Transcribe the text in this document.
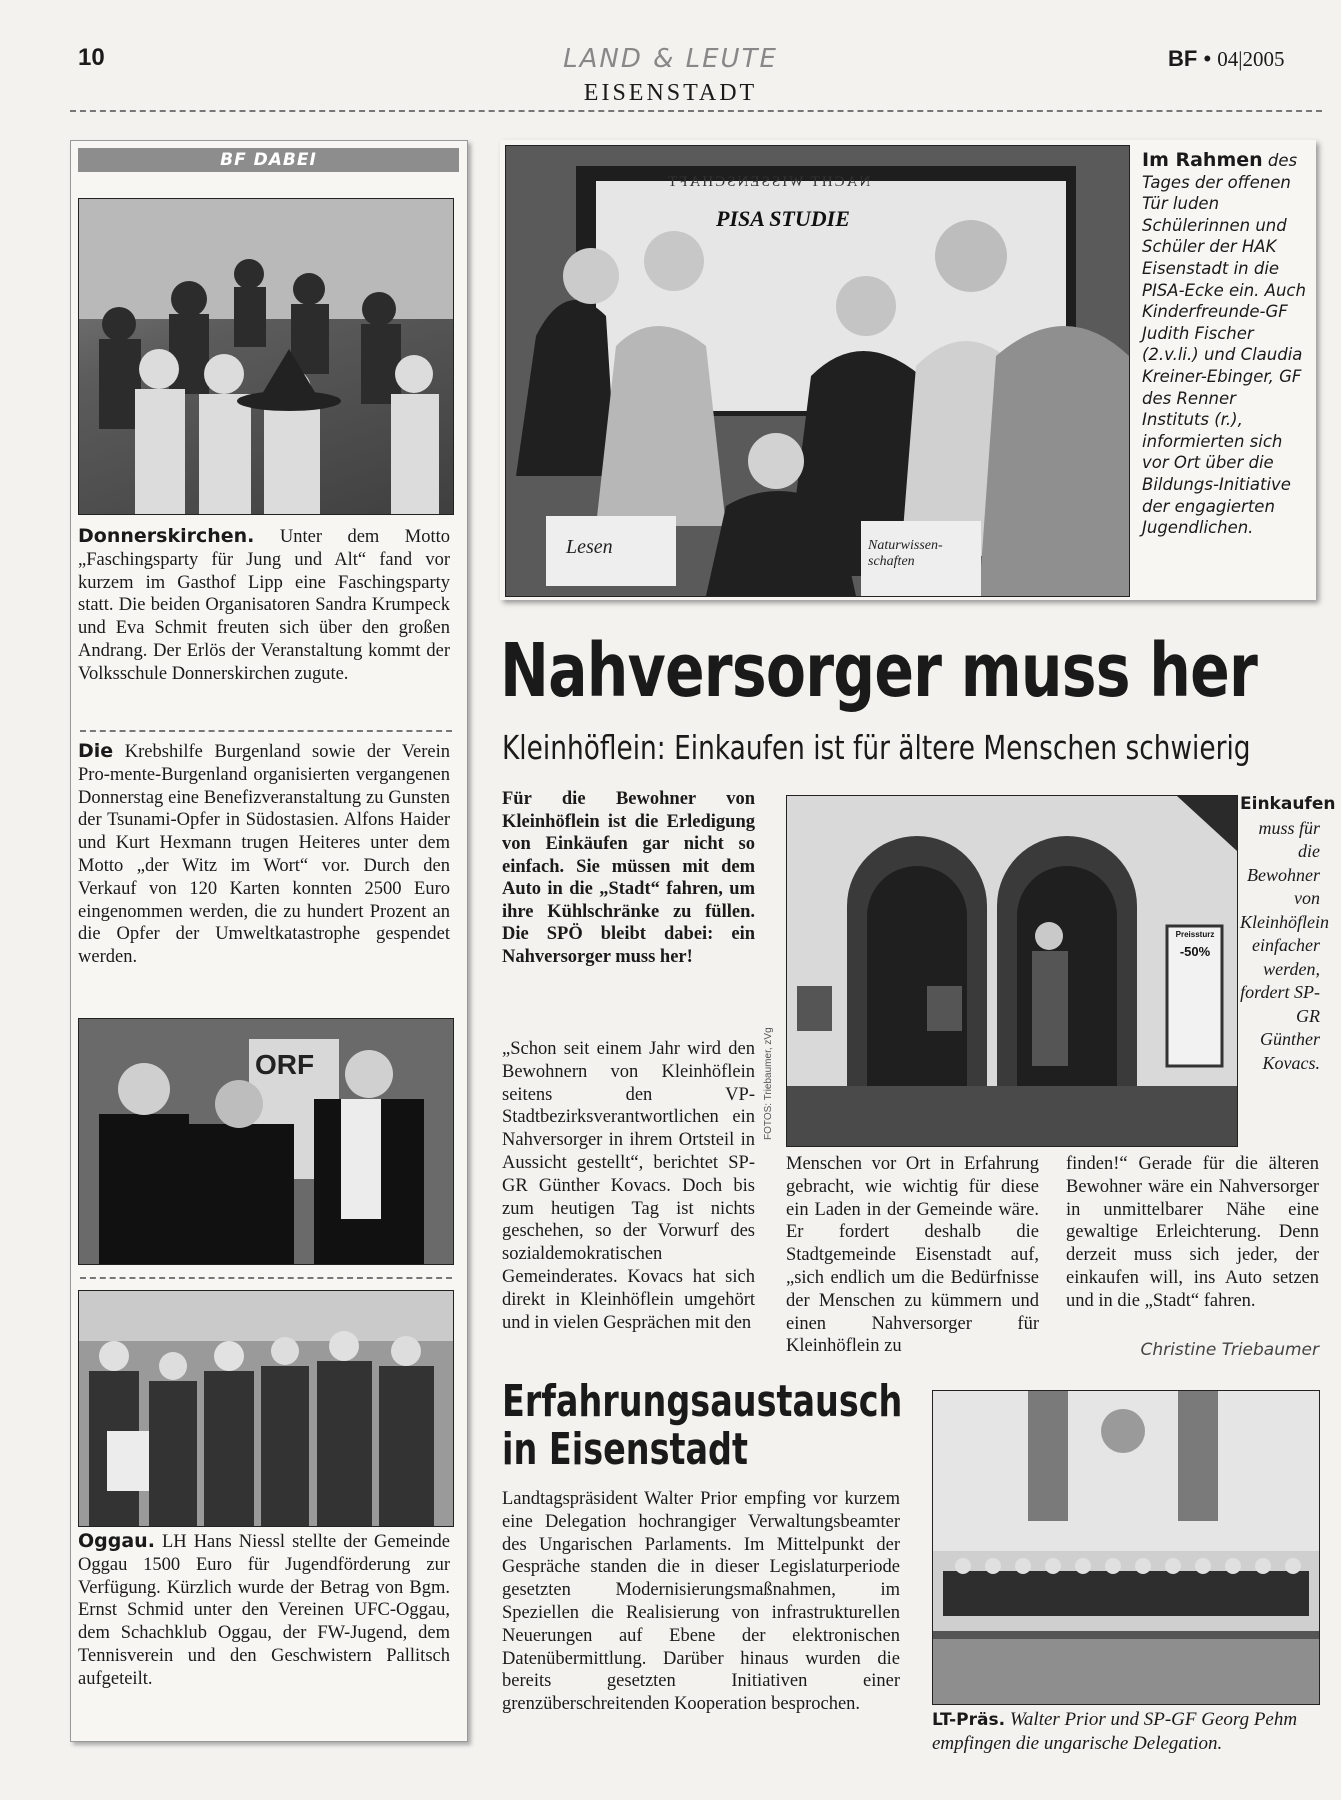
10	LAND & LEUTE
EISENSTADT
BF • 04|2005
BF DABEI
Donnerskirchen. Unter dem Motto „Faschingsparty für Jung und Alt“ fand vor kurzem im Gasthof Lipp eine Faschingsparty statt. Die beiden Organisatoren Sandra Krumpeck und Eva Schmit freuten sich über den großen Andrang. Der Erlös der Veranstaltung kommt der Volksschule Donnerskirchen zugute.
Die Krebshilfe Burgenland sowie der Verein Pro-mente-Burgenland organisierten vergangenen Donnerstag eine Benefizveranstaltung zu Gunsten der Tsunami-Opfer in Südostasien. Alfons Haider und Kurt Hexmann trugen Heiteres unter dem Motto „der Witz im Wort“ vor. Durch den Verkauf von 120 Karten konnten 2500 Euro eingenommen werden, die zu hundert Prozent an die Opfer der Umweltkatastrophe gespendet werden.
ORF
Oggau. LH Hans Niessl stellte der Gemeinde Oggau 1500 Euro für Jugendförderung zur Verfügung. Kürzlich wurde der Betrag von Bgm. Ernst Schmid unter den Vereinen UFC-Oggau, dem Schachklub Oggau, der FW-Jugend, dem Tennisverein und den Geschwistern Pallitsch aufgeteilt.
NACHT WISSENSCHAFT
PISA STUDIE
Lesen	Naturwissen-schaften
Im Rahmen des Tages der offenen Tür luden Schülerinnen und Schüler der HAK Eisenstadt in die PISA-Ecke ein. Auch Kinderfreunde-GF Judith Fischer (2.v.li.) und Claudia Kreiner-Ebinger, GF des Renner Instituts (r.), informierten sich vor Ort über die Bildungs-Initiative der engagierten Jugendlichen.
Nahversorger muss her
Kleinhöflein: Einkaufen ist für ältere Menschen schwierig
Für die Bewohner von Kleinhöflein ist die Erledigung von Einkäufen gar nicht so einfach. Sie müssen mit dem Auto in die „Stadt“ fahren, um ihre Kühlschränke zu füllen. Die SPÖ bleibt dabei: ein Nahversorger muss her!
„Schon seit einem Jahr wird den Bewohnern von Kleinhöflein seitens den VP-Stadtbezirksverantwortlichen ein Nahversorger in ihrem Ortsteil in Aussicht gestellt“, berichtet SP-GR Günther Kovacs. Doch bis zum heutigen Tag ist nichts geschehen, so der Vorwurf des sozialdemokratischen Gemeinderates. Kovacs hat sich direkt in Kleinhöflein umgehört und in vielen Gesprächen mit den
Preissturz
-50%
FOTOS: Triebaumer, zVg
Einkaufen
muss für die Bewohner von Kleinhöflein einfacher werden, fordert SP-GR Günther Kovacs.
Menschen vor Ort in Erfahrung gebracht, wie wichtig für diese ein Laden in der Gemeinde wäre. Er fordert deshalb die Stadtgemeinde Eisenstadt auf, „sich endlich um die Bedürfnisse der Menschen zu kümmern und einen Nahversorger für Kleinhöflein zu
finden!“ Gerade für die älteren Bewohner wäre ein Nahversorger in unmittelbarer Nähe eine gewaltige Erleichterung. Denn derzeit muss sich jeder, der einkaufen will, ins Auto setzen und in die „Stadt“ fahren.
Christine Triebaumer
Erfahrungsaustausch
in Eisenstadt
Landtagspräsident Walter Prior empfing vor kurzem eine Delegation hochrangiger Verwaltungsbeamter des Ungarischen Parlaments. Im Mittelpunkt der Gespräche standen die in dieser Legislaturperiode gesetzten Modernisierungsmaßnahmen, im Speziellen die Realisierung von infrastrukturellen Neuerungen auf Ebene der elektronischen Datenübermittlung. Darüber hinaus wurden die bereits gesetzten Initiativen einer grenzüberschreitenden Kooperation besprochen.
LT-Präs. Walter Prior und SP-GF Georg Pehm empfingen die ungarische Delegation.
